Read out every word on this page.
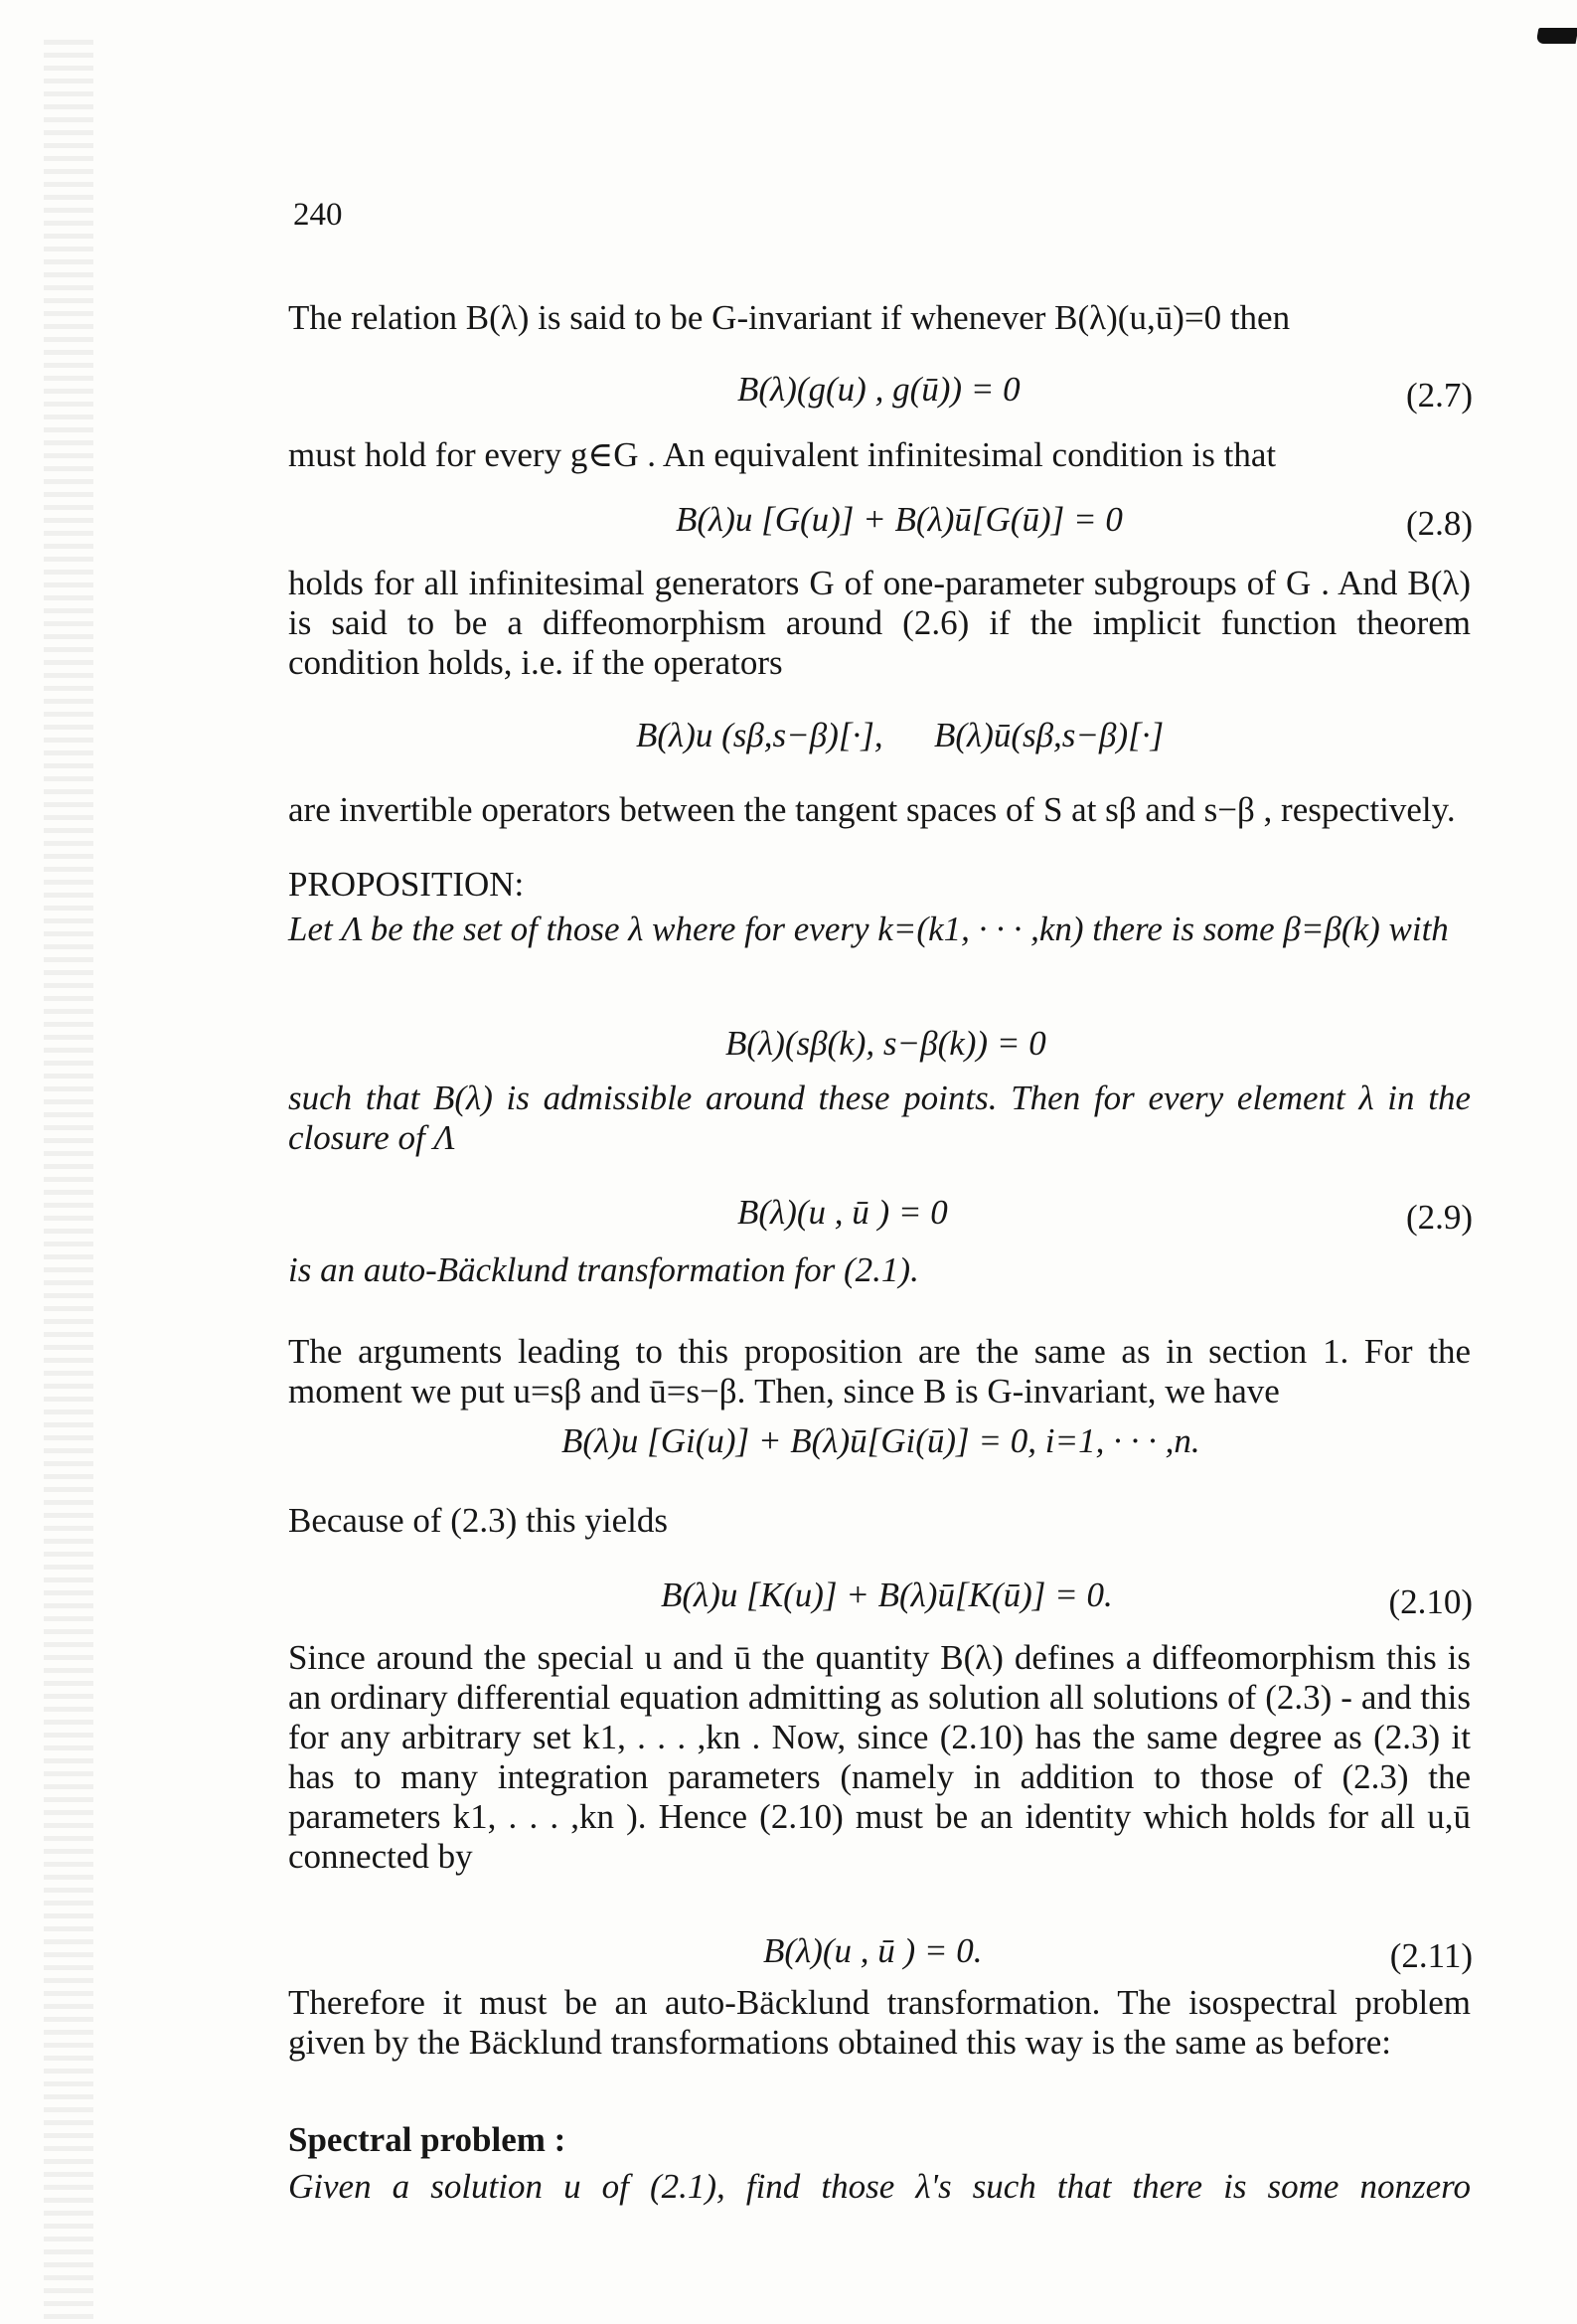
240
The relation B(λ) is said to be G-invariant if whenever B(λ)(u,ū)=0 then
B(λ)(g(u) , g(ū)) = 0	(2.7)
must hold for every g∈G . An equivalent infinitesimal condition is that
B(λ)u [G(u)] + B(λ)ū[G(ū)] = 0	(2.8)
holds for all infinitesimal generators G of one-parameter subgroups of G . And B(λ) is said to be a diffeomorphism around (2.6) if the implicit function theorem condition holds, i.e. if the operators
B(λ)u (sβ,s−β)[·], B(λ)ū(sβ,s−β)[·]
are invertible operators between the tangent spaces of S at sβ and s−β , respectively.
PROPOSITION:
Let Λ be the set of those λ where for every k=(k1, · · · ,kn) there is some β=β(k) with
B(λ)(sβ(k), s−β(k)) = 0
such that B(λ) is admissible around these points. Then for every element λ in the closure of Λ
B(λ)(u , ū ) = 0	(2.9)
is an auto-Bäcklund transformation for (2.1).
The arguments leading to this proposition are the same as in section 1. For the moment we put u=sβ and ū=s−β. Then, since B is G-invariant, we have
B(λ)u [Gi(u)] + B(λ)ū[Gi(ū)] = 0, i=1, · · · ,n.
Because of (2.3) this yields
B(λ)u [K(u)] + B(λ)ū[K(ū)] = 0.	(2.10)
Since around the special u and ū the quantity B(λ) defines a diffeomorphism this is an ordinary differential equation admitting as solution all solutions of (2.3) - and this for any arbitrary set k1, . . . ,kn . Now, since (2.10) has the same degree as (2.3) it has to many integration parameters (namely in addition to those of (2.3) the parameters k1, . . . ,kn ). Hence (2.10) must be an identity which holds for all u,ū connected by
B(λ)(u , ū ) = 0.	(2.11)
Therefore it must be an auto-Bäcklund transformation. The isospectral problem given by the Bäcklund transformations obtained this way is the same as before:
Spectral problem :
Given a solution u of (2.1), find those λ's such that there is some nonzero
